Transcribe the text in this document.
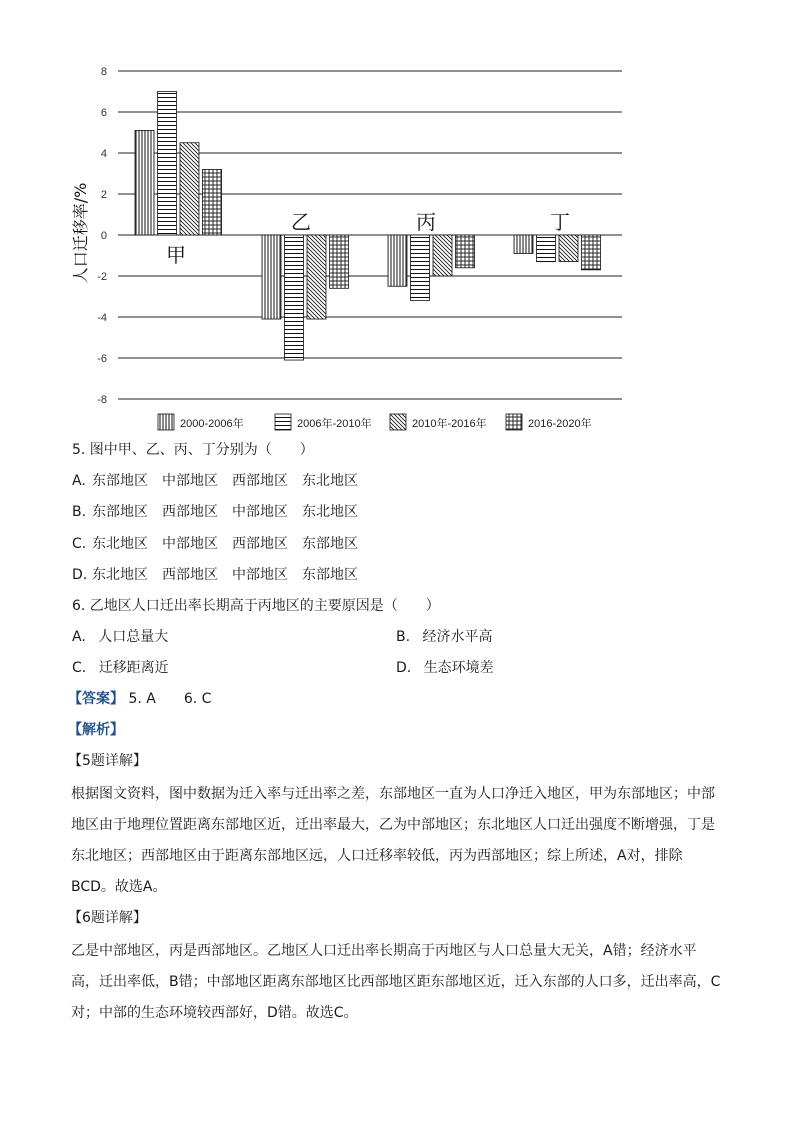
8
6
4
2
0
-2
-4
-6
-8
甲
乙	丙	丁
人口迁移率/%
2000-2006年	2006年-2010年	2010年-2016年	2016-2020年
5. 图中甲、乙、丙、丁分别为（　　）
A. 东部地区 中部地区 西部地区 东北地区
B. 东部地区 西部地区 中部地区 东北地区
C. 东北地区 中部地区 西部地区 东部地区
D. 东北地区 西部地区 中部地区 东部地区
6. 乙地区人口迁出率长期高于丙地区的主要原因是（　　）
A. 人口总量大	B. 经济水平高
C. 迁移距离近	D. 生态环境差
【答案】 5. A　　6. C
【解析】
【5题详解】
根据图文资料，图中数据为迁入率与迁出率之差，东部地区一直为人口净迁入地区，甲为东部地区；中部地区由于地理位置距离东部地区近，迁出率最大，乙为中部地区；东北地区人口迁出强度不断增强，丁是东北地区；西部地区由于距离东部地区远，人口迁移率较低，丙为西部地区；综上所述，A对，排除BCD。故选A。
【6题详解】
乙是中部地区，丙是西部地区。乙地区人口迁出率长期高于丙地区与人口总量大无关，A错；经济水平高，迁出率低，B错；中部地区距离东部地区比西部地区距东部地区近，迁入东部的人口多，迁出率高，C对；中部的生态环境较西部好，D错。故选C。
